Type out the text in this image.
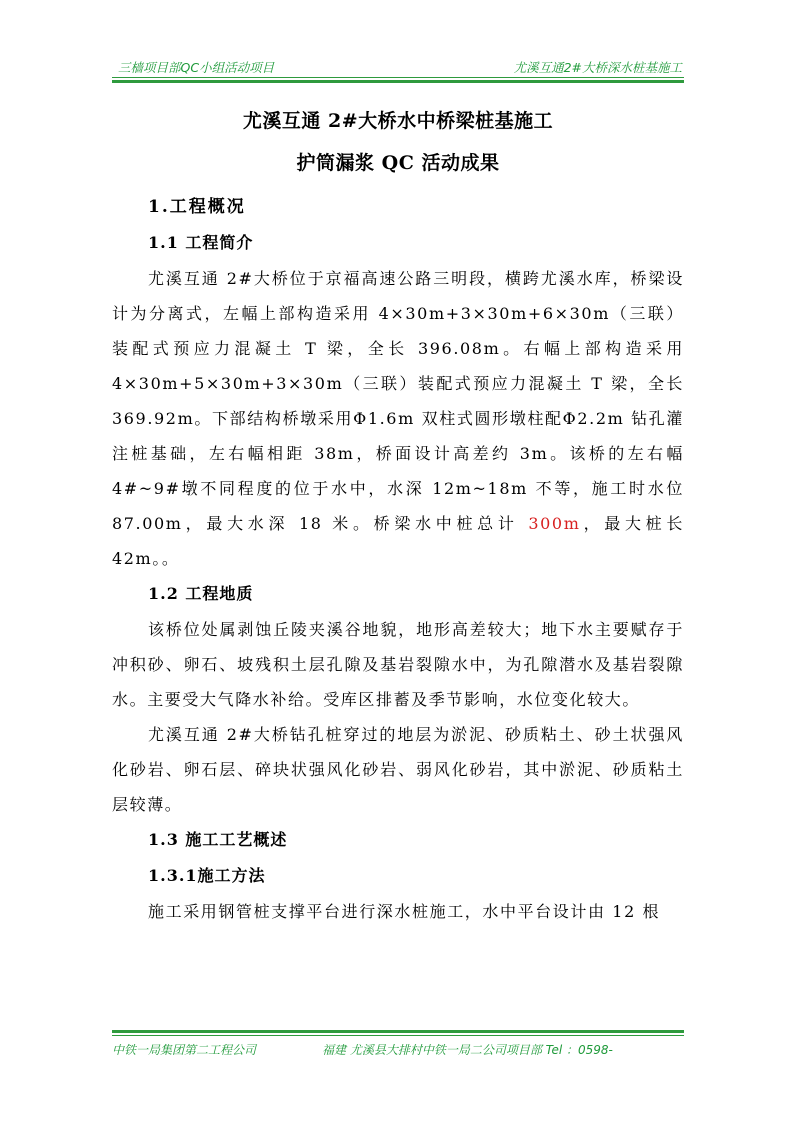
三樯项目部QC小组活动项目	尤溪互通2#大桥深水桩基施工
尤溪互通 2#大桥水中桥梁桩基施工
护筒漏浆 QC 活动成果
1.工程概况
1.1 工程简介

尤溪互通 2#大桥位于京福高速公路三明段，横跨尤溪水库，桥梁设计为分离式，左幅上部构造采用 4×30m+3×30m+6×30m（三联）装配式预应力混凝土 T 梁，全长 396.08m。右幅上部构造采用 4×30m+5×30m+3×30m（三联）装配式预应力混凝土 T 梁，全长 369.92m。下部结构桥墩采用Φ1.6m 双柱式圆形墩柱配Φ2.2m 钻孔灌注桩基础，左右幅相距 38m，桥面设计高差约 3m。该桥的左右幅 4#~9#墩不同程度的位于水中，水深 12m~18m 不等，施工时水位 87.00m，最大水深 18 米。桥梁水中桩总计 300m，最大桩长 42m。。

1.2 工程地质

该桥位处属剥蚀丘陵夹溪谷地貌，地形高差较大；地下水主要赋存于冲积砂、卵石、坡残积土层孔隙及基岩裂隙水中，为孔隙潜水及基岩裂隙水。主要受大气降水补给。受库区排蓄及季节影响，水位变化较大。

尤溪互通 2#大桥钻孔桩穿过的地层为淤泥、砂质粘土、砂土状强风化砂岩、卵石层、碎块状强风化砂岩、弱风化砂岩，其中淤泥、砂质粘土层较薄。

1.3 施工工艺概述
1.3.1施工方法

施工采用钢管桩支撑平台进行深水桩施工，水中平台设计由 12 根

中铁一局集团第二工程公司	福建 尤溪县大排村中铁一局二公司项目部 Tel ：0598-
